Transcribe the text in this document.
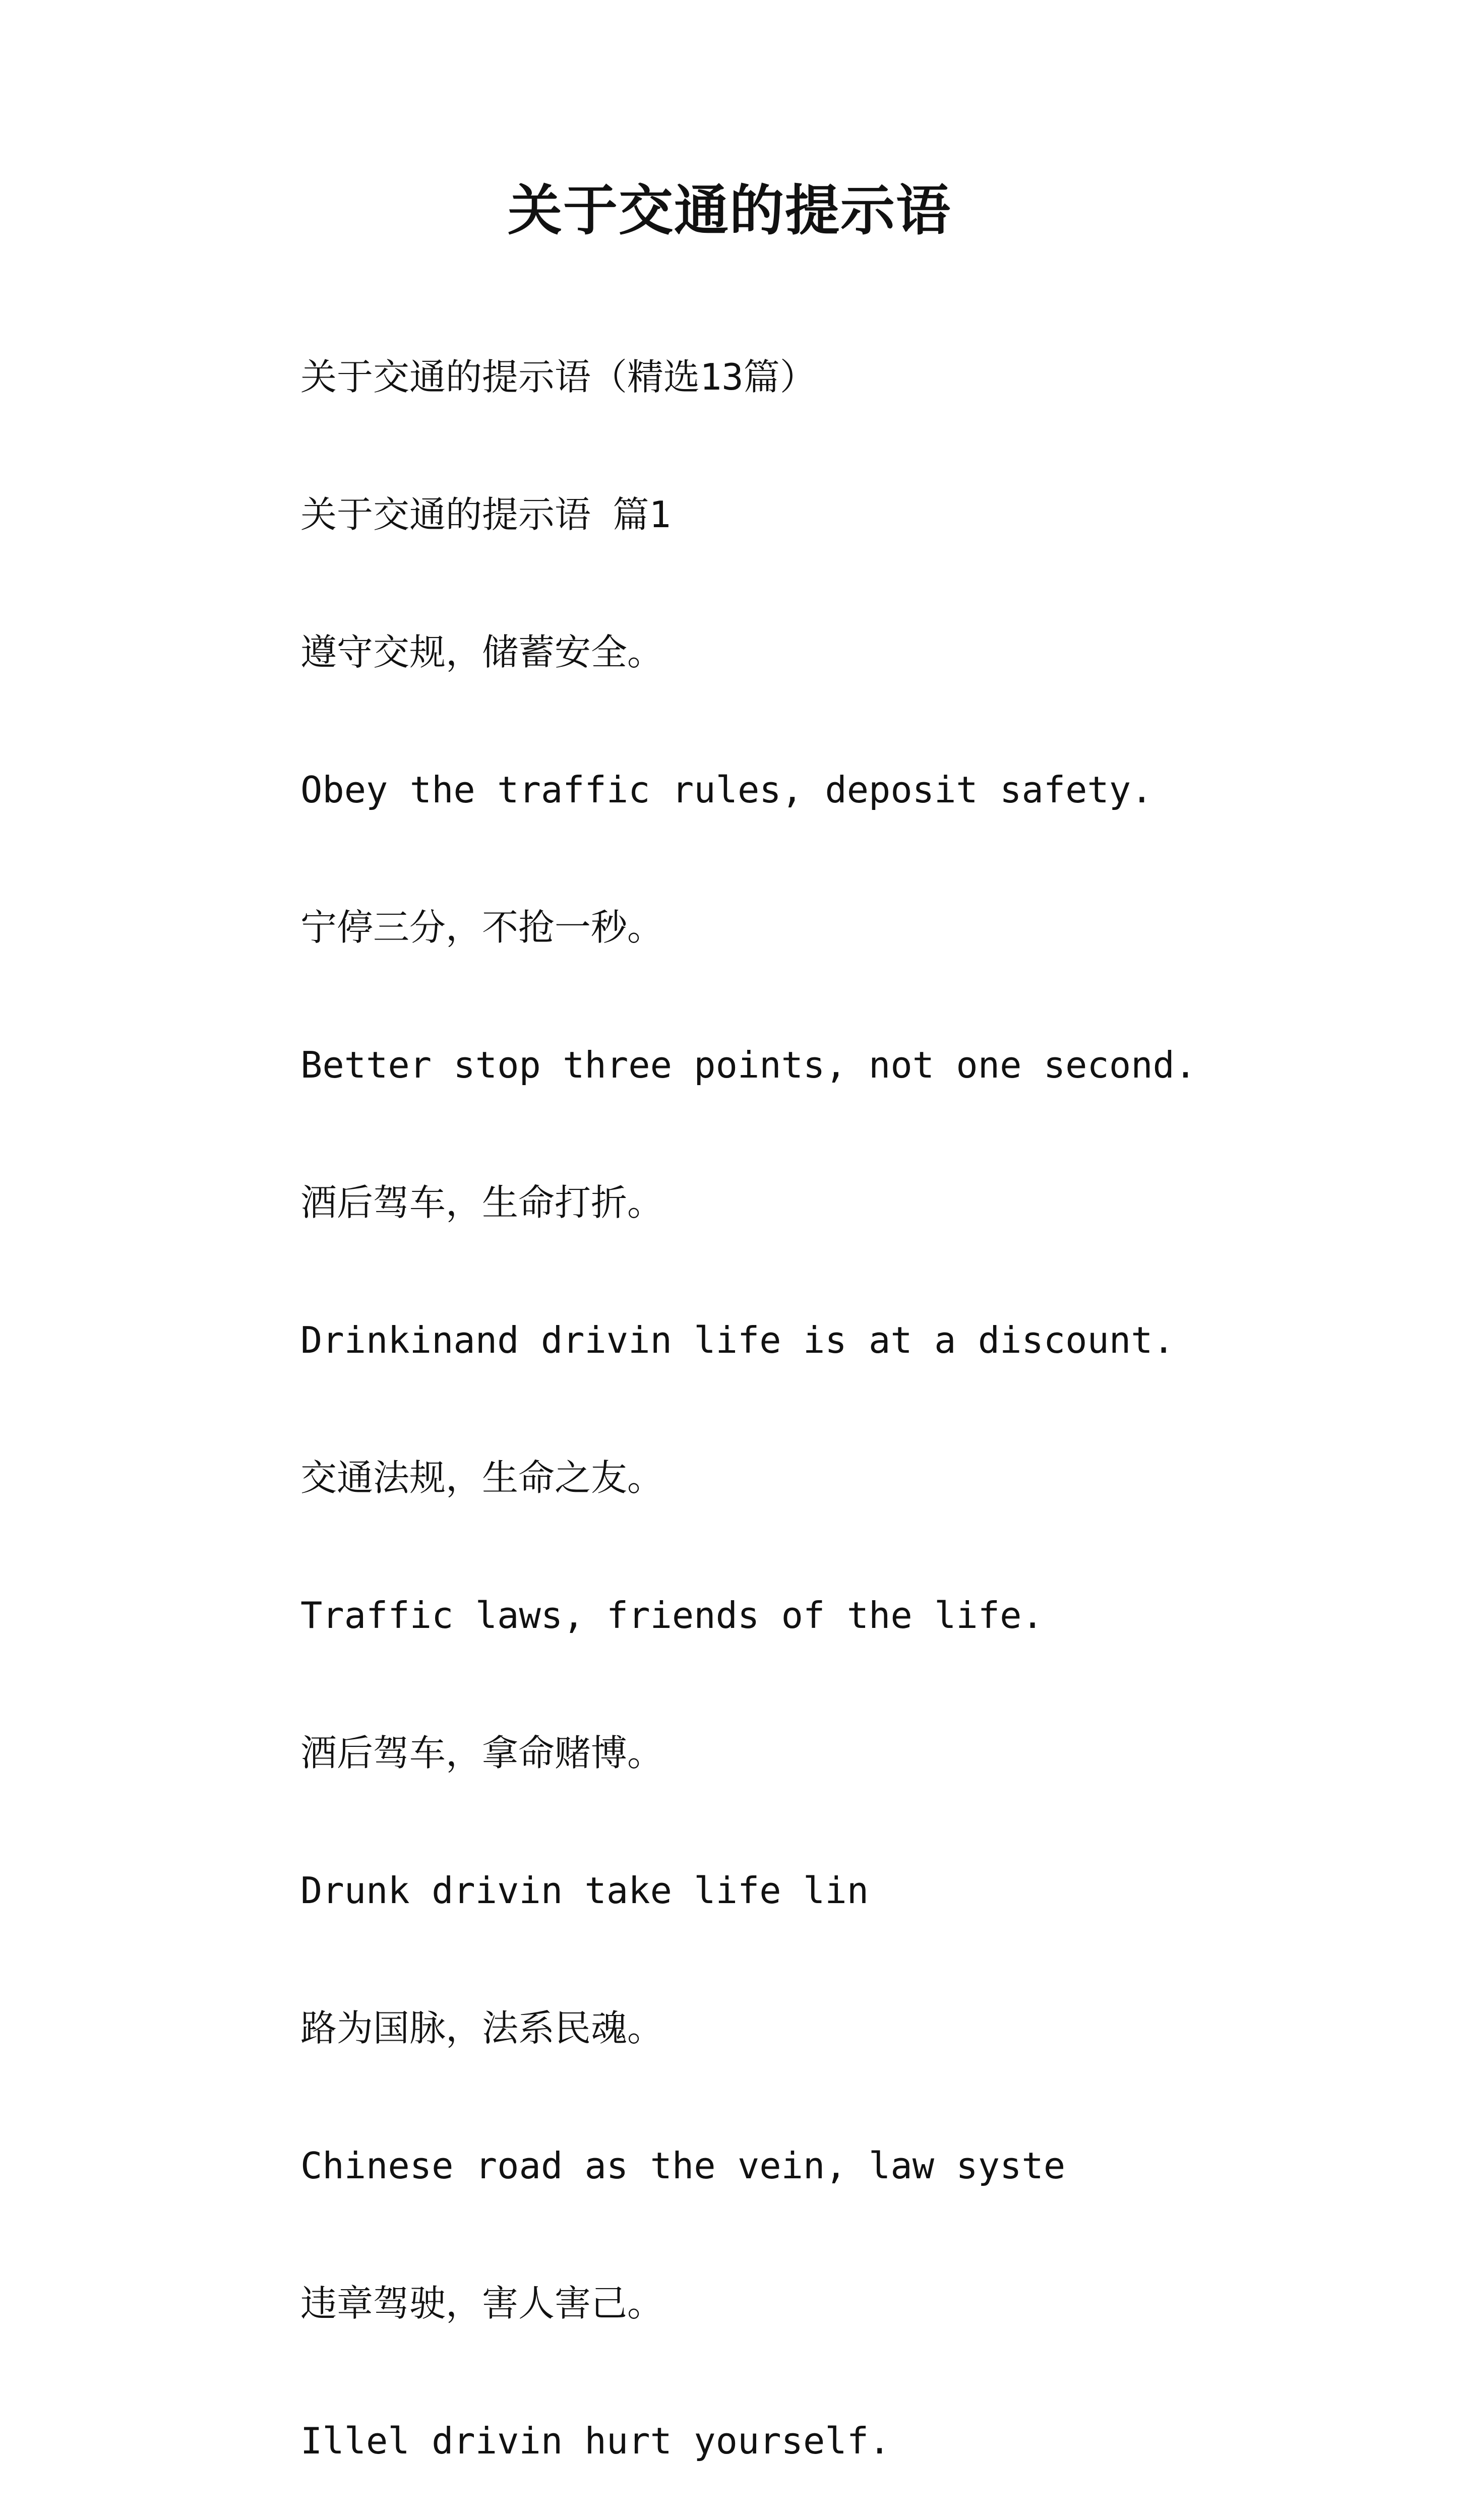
关于交通的提示语
关于交通的提示语（精选13篇）
关于交通的提示语 篇1
遵守交规，储蓄安全。
Obey the traffic rules, deposit safety.
宁停三分，不抢一秒。
Better stop three points, not one second.
酒后驾车，生命打折。
Drinkinand drivin life is at a discount.
交通法规，生命之友。
Traffic laws, friends of the life.
酒后驾车，拿命赌博。
Drunk drivin take life lin
路为国脉，法系民魂。
Chinese road as the vein, law syste
违章驾驶，害人害己。
Illel drivin hurt yourself.
